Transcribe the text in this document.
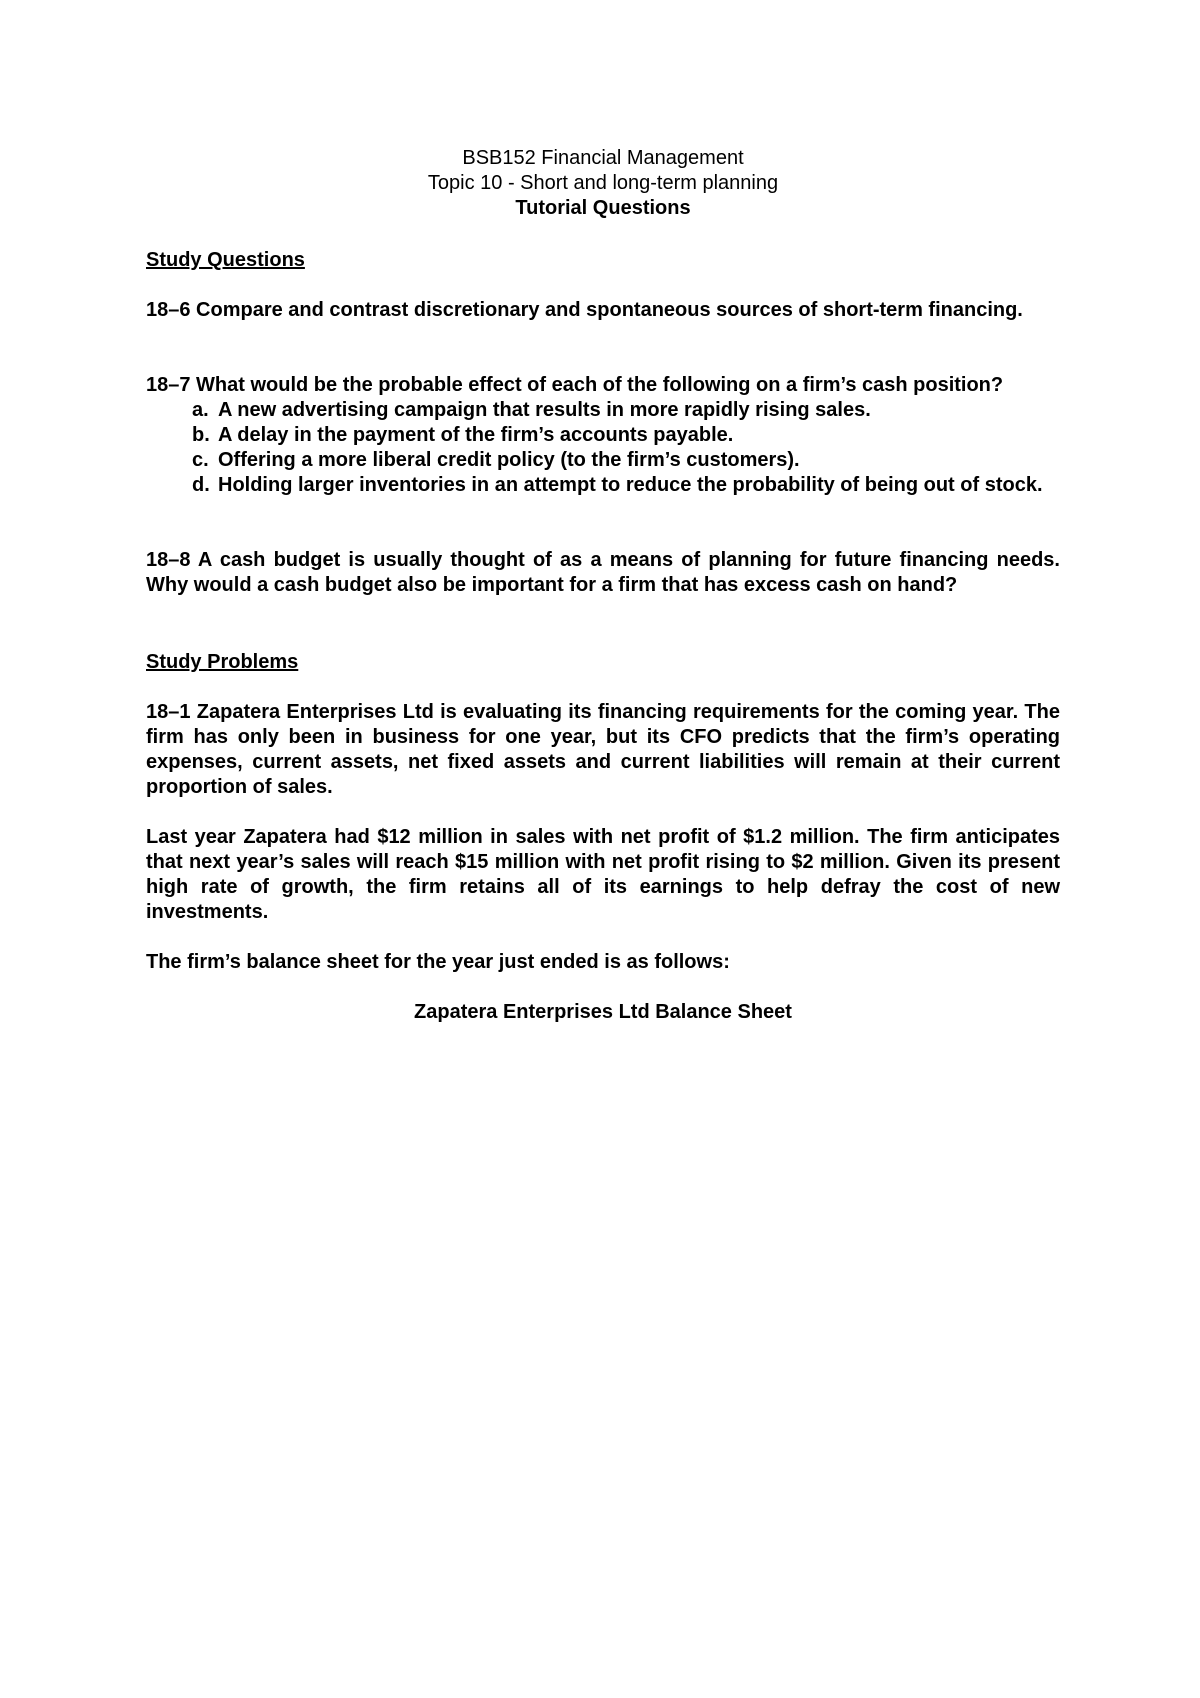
BSB152 Financial Management

Topic 10 - Short and long-term planning

Tutorial Questions

Study Questions

18–6 Compare and contrast discretionary and spontaneous sources of short-term financing.

18–7 What would be the probable effect of each of the following on a firm’s cash position?

a. A new advertising campaign that results in more rapidly rising sales.
b. A delay in the payment of the firm’s accounts payable.
c. Offering a more liberal credit policy (to the firm’s customers).
d. Holding larger inventories in an attempt to reduce the probability of being out of stock.

18–8 A cash budget is usually thought of as a means of planning for future financing needs. Why would a cash budget also be important for a firm that has excess cash on hand?

Study Problems

18–1 Zapatera Enterprises Ltd is evaluating its financing requirements for the coming year. The firm has only been in business for one year, but its CFO predicts that the firm’s operating expenses, current assets, net fixed assets and current liabilities will remain at their current proportion of sales.

Last year Zapatera had $12 million in sales with net profit of $1.2 million. The firm anticipates that next year’s sales will reach $15 million with net profit rising to $2 million. Given its present high rate of growth, the firm retains all of its earnings to help defray the cost of new investments.

The firm’s balance sheet for the year just ended is as follows:

Zapatera Enterprises Ltd Balance Sheet
